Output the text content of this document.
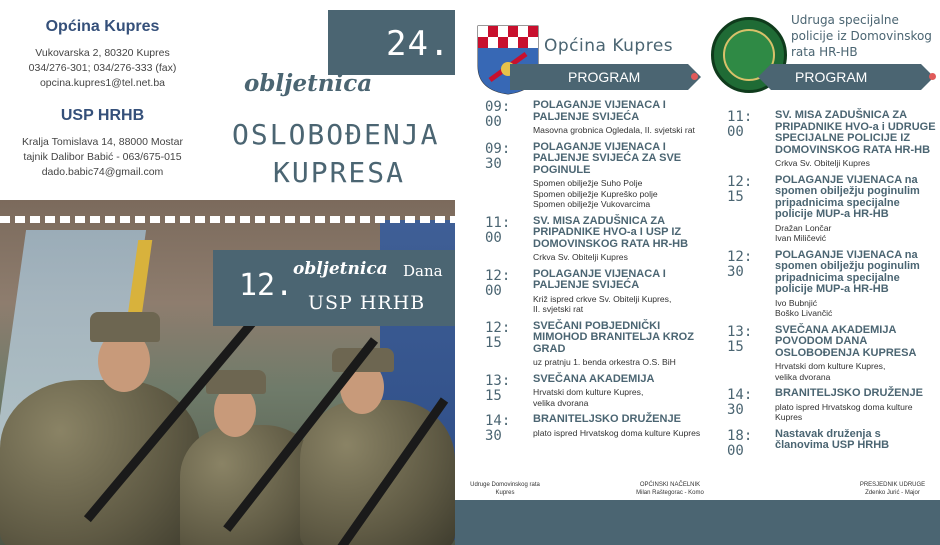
Općina Kupres

Vukovarska 2, 80320 Kupres

034/276-301; 034/276-333 (fax)

opcina.kupres1@tel.net.ba

USP HRHB

Kralja Tomislava 14, 88000 Mostar

tajnik Dalibor Babić - 063/675-015

dado.babic74@gmail.com

24.
obljetnica
OSLOBOĐENJA
KUPRESA
12. obljetnica Dana
USP HRHB
Općina Kupres
PROGRAM
Udruga specijalne policije iz Domovinskog rata HR-HB
PROGRAM
09:
00
POLAGANJE VIJENACA I PALJENJE SVIJEĆA
Masovna grobnica Ogledala, II. svjetski rat
09:
30
POLAGANJE VIJENACA I PALJENJE SVIJEĆA ZA SVE POGINULE
Spomen obilježje Suho Polje
Spomen obilježje Kupreško polje
Spomen obilježje Vukovarcima
11:
00
SV. MISA ZADUŠNICA ZA PRIPADNIKE HVO-a I USP IZ DOMOVINSKOG RATA HR-HB
Crkva Sv. Obitelji Kupres
12:
00
POLAGANJE VIJENACA I PALJENJE SVIJEĆA
Križ ispred crkve Sv. Obitelji Kupres,
II. svjetski rat
12:
15
SVEČANI POBJEDNIČKI MIMOHOD BRANITELJA KROZ GRAD
uz pratnju 1. benda orkestra O.S. BiH
13:
15
SVEČANA AKADEMIJA
Hrvatski dom kulture Kupres,
velika dvorana
14:
30
BRANITELJSKO DRUŽENJE
plato ispred Hrvatskog doma kulture Kupres
11:
00
SV. MISA ZADUŠNICA ZA PRIPADNIKE HVO-a i UDRUGE SPECIJALNE POLICIJE IZ DOMOVINSKOG RATA HR-HB
Crkva Sv. Obitelji Kupres
12:
15
POLAGANJE VIJENACA na spomen obilježju poginulim pripadnicima specijalne policije MUP-a HR-HB
Dražan Lončar
Ivan Miličević
12:
30
POLAGANJE VIJENACA na spomen obilježju poginulim pripadnicima specijalne policije MUP-a HR-HB
Ivo Bubnjić
Boško Livančić
13:
15
SVEČANA AKADEMIJA POVODOM DANA OSLOBOĐENJA KUPRESA
Hrvatski dom kulture Kupres,
velika dvorana
14:
30
BRANITELJSKO DRUŽENJE
plato ispred Hrvatskog doma kulture Kupres
18:
00
Nastavak druženja s članovima USP HRHB
Udruge Domovinskog rata
Kupres
OPĆINSKI NAČELNIK
Milan Raštegorac - Komo
PRESJEDNIK UDRUGE
Zdenko Jurić - Major
